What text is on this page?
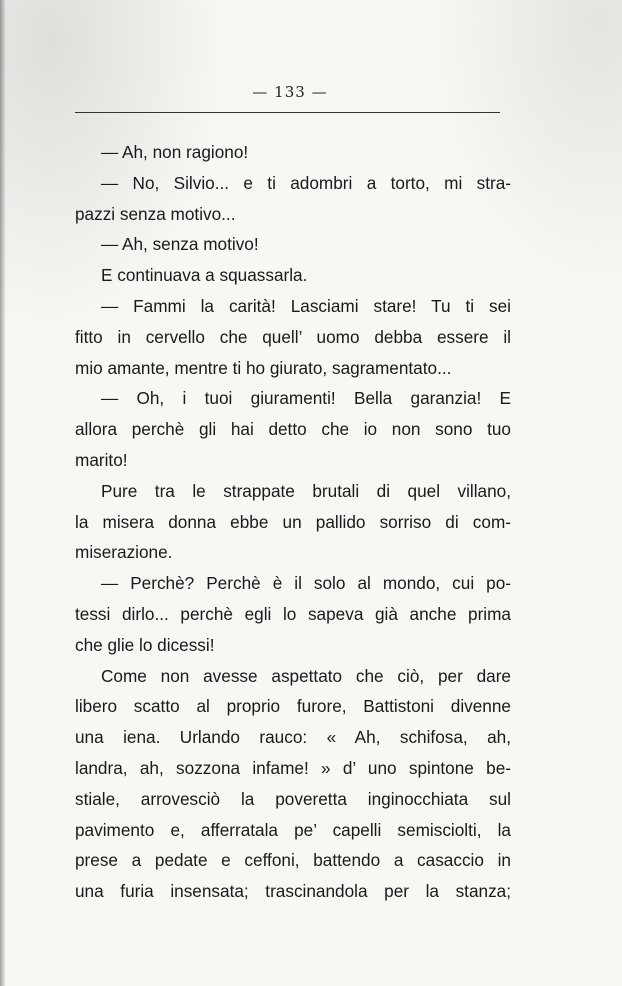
— 133 —
— Ah, non ragiono!
— No, Silvio... e ti adombri a torto, mi stra-
pazzi senza motivo...
— Ah, senza motivo!
E continuava a squassarla.
— Fammi la carità! Lasciami stare! Tu ti sei
fitto in cervello che quell’ uomo debba essere il
mio amante, mentre ti ho giurato, sagramentato...
— Oh, i tuoi giuramenti! Bella garanzia! E
allora perchè gli hai detto che io non sono tuo
marito!
Pure tra le strappate brutali di quel villano,
la misera donna ebbe un pallido sorriso di com-
miserazione.
— Perchè? Perchè è il solo al mondo, cui po-
tessi dirlo... perchè egli lo sapeva già anche prima
che glie lo dicessi!
Come non avesse aspettato che ciò, per dare
libero scatto al proprio furore, Battistoni divenne
una iena. Urlando rauco: « Ah, schifosa, ah,
landra, ah, sozzona infame! » d’ uno spintone be-
stiale, arrovesciò la poveretta inginocchiata sul
pavimento e, afferratala pe’ capelli semisciolti, la
prese a pedate e ceffoni, battendo a casaccio in
una furia insensata; trascinandola per la stanza;
